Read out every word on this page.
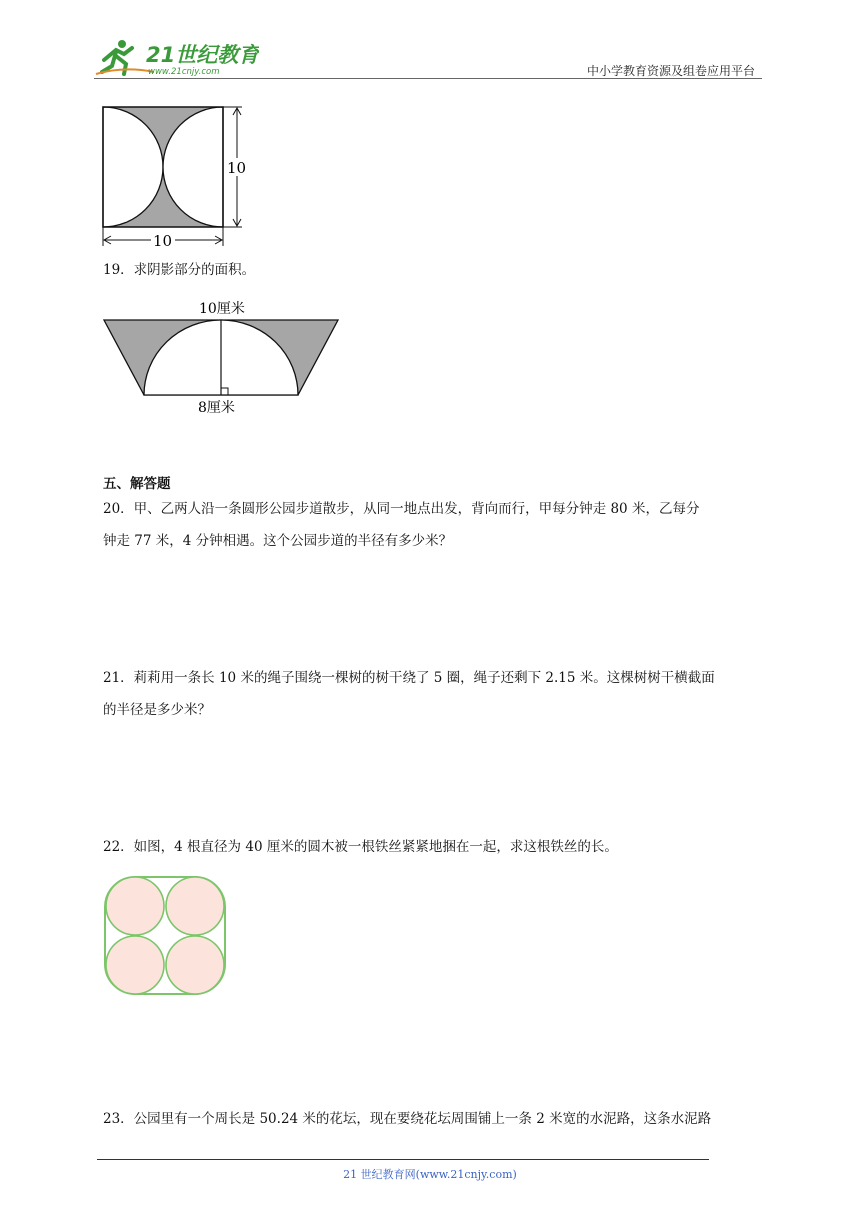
21世纪教育
www.21cnjy.com	中小学教育资源及组卷应用平台
10
10
19．求阴影部分的面积。
10厘米
8厘米
五、解答题
20．甲、乙两人沿一条圆形公园步道散步，从同一地点出发，背向而行，甲每分钟走 80 米，乙每分
钟走 77 米，4 分钟相遇。这个公园步道的半径有多少米？
21．莉莉用一条长 10 米的绳子围绕一棵树的树干绕了 5 圈，绳子还剩下 2.15 米。这棵树树干横截面
的半径是多少米？
22．如图，4 根直径为 40 厘米的圆木被一根铁丝紧紧地捆在一起，求这根铁丝的长。
23．公园里有一个周长是 50.24 米的花坛，现在要绕花坛周围铺上一条 2 米宽的水泥路，这条水泥路
21 世纪教育网(www.21cnjy.com)
